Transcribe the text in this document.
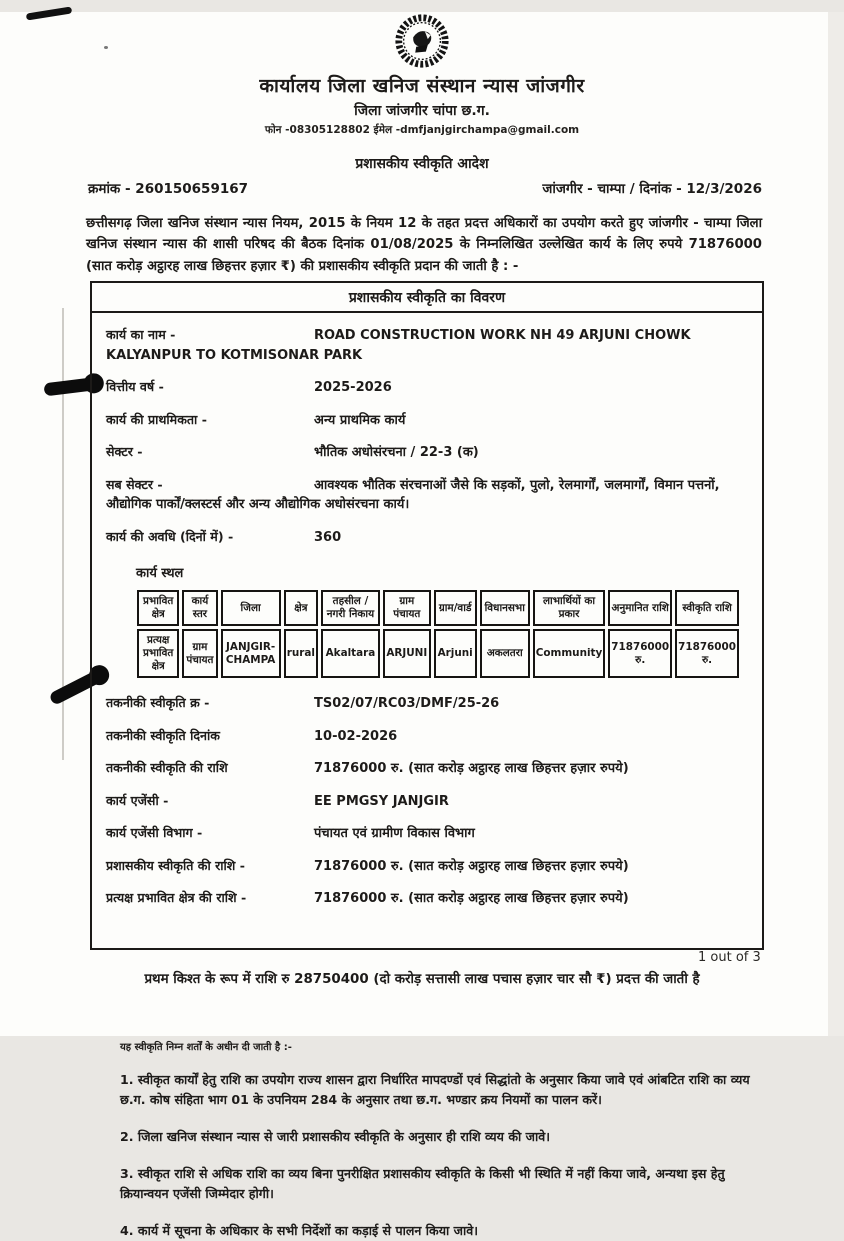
कार्यालय जिला खनिज संस्थान न्यास जांजगीर
जिला जांजगीर चांपा छ.ग.
फोन -08305128802 ईमेल -dmfjanjgirchampa@gmail.com
प्रशासकीय स्वीकृति आदेश
क्रमांक - 260150659167	जांजगीर - चाम्पा / दिनांक - 12/3/2026

छत्तीसगढ़ जिला खनिज संस्थान न्यास नियम, 2015 के नियम 12 के तहत प्रदत्त अधिकारों का उपयोग करते हुए जांजगीर - चाम्पा जिला खनिज संस्थान न्यास की शासी परिषद की बैठक दिनांक 01/08/2025 के निम्नलिखित उल्लेखित कार्य के लिए रुपये 71876000 (सात करोड़ अट्ठारह लाख छिहत्तर हज़ार ₹) की प्रशासकीय स्वीकृति प्रदान की जाती है : -

प्रशासकीय स्वीकृति का विवरण

कार्य का नाम -	ROAD CONSTRUCTION WORK NH 49 ARJUNI CHOWK KALYANPUR TO KOTMISONAR PARK

वित्तीय वर्ष -	2025-2026

कार्य की प्राथमिकता -	अन्य प्राथमिक कार्य

सेक्टर -	भौतिक अधोसंरचना / 22-3 (क)

सब सेक्टर -	आवश्यक भौतिक संरचनाओं जैसे कि सड़कों, पुलो, रेलमार्गों, जलमार्गों, विमान पत्तनों, औद्योगिक पार्कों/क्लस्टर्स और अन्य औद्योगिक अधोसंरचना कार्य।

कार्य की अवधि (दिनों में) -	360

कार्य स्थल
प्रभावित क्षेत्र	कार्य स्तर	जिला	क्षेत्र	तहसील /नगरी निकाय	ग्राम पंचायत	ग्राम/वार्ड	विधानसभा	लाभार्थियों का प्रकार	अनुमानित राशि	स्वीकृति राशि
प्रत्यक्ष प्रभावित क्षेत्र	ग्राम पंचायत	JANJGIR-CHAMPA	rural	Akaltara	ARJUNI	Arjuni	अकलतरा	Community	71876000 रु.	71876000 रु.

तकनीकी स्वीकृति क्र -	TS02/07/RC03/DMF/25-26

तकनीकी स्वीकृति दिनांक	10-02-2026

तकनीकी स्वीकृति की राशि	71876000 रु. (सात करोड़ अट्ठारह लाख छिहत्तर हज़ार रुपये)

कार्य एजेंसी -	EE PMGSY JANJGIR

कार्य एजेंसी विभाग -	पंचायत एवं ग्रामीण विकास विभाग

प्रशासकीय स्वीकृति की राशि -	71876000 रु. (सात करोड़ अट्ठारह लाख छिहत्तर हज़ार रुपये)

प्रत्यक्ष प्रभावित क्षेत्र की राशि -	71876000 रु. (सात करोड़ अट्ठारह लाख छिहत्तर हज़ार रुपये)

प्रथम किश्त के रूप में राशि रु 28750400 (दो करोड़ सत्तासी लाख पचास हज़ार चार सौ ₹) प्रदत्त की जाती है
यह स्वीकृति निम्न शर्तों के अधीन दी जाती है :-

1. स्वीकृत कार्यों हेतु राशि का उपयोग राज्य शासन द्वारा निर्धारित मापदण्डों एवं सिद्धांतो के अनुसार किया जावे एवं आंबटित राशि का व्यय छ.ग. कोष संहिता भाग 01 के उपनियम 284 के अनुसार तथा छ.ग. भण्डार क्रय नियमों का पालन करें।

2. जिला खनिज संस्थान न्यास से जारी प्रशासकीय स्वीकृति के अनुसार ही राशि व्यय की जावे।

3. स्वीकृत राशि से अधिक राशि का व्यय बिना पुनरीक्षित प्रशासकीय स्वीकृति के किसी भी स्थिति में नहीं किया जावे, अन्यथा इस हेतु क्रियान्वयन एजेंसी जिम्मेदार होगी।

4. कार्य में सूचना के अधिकार के सभी निर्देशों का कड़ाई से पालन किया जावे।

1 out of 3
